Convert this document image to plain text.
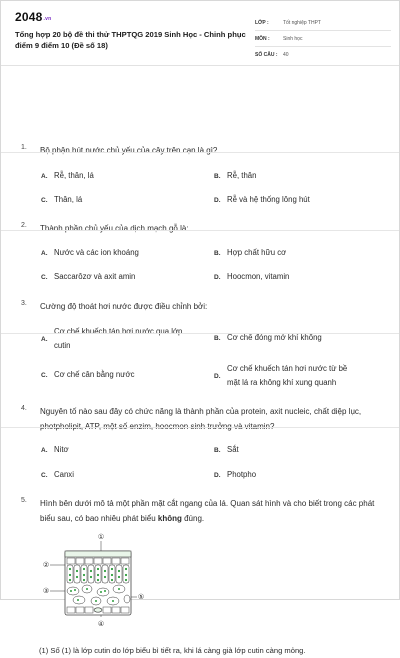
2048.vn
Tổng hợp 20 bộ đề thi thử THPTQG 2019 Sinh Học - Chinh phục điểm 9 điểm 10 (Đề số 18)
LỚP :	Tốt nghiệp THPT
MÔN :	Sinh học
SỐ CÂU :	40
1.	Bộ phận hút nước chủ yếu của cây trên cạn là gì?
A. Rễ, thân, lá	B. Rễ, thân
C. Thân, lá	D. Rễ và hệ thống lông hút
2.	Thành phần chủ yếu của dịch mạch gỗ là:
A. Nước và các ion khoáng	B. Hợp chất hữu cơ
C. Saccarôzơ và axit amin	D. Hoocmon, vitamin
3.	Cường độ thoát hơi nước được điều chỉnh bởi:
A.
Cơ chế khuếch tán hơi nước qua lớp
cutin
B. Cơ chế đóng mở khí khổng
C. Cơ chế cân bằng nước	D.
Cơ chế khuếch tán hơi nước từ bề
mặt lá ra không khí xung quanh
4.	Nguyên tố nào sau đây có chức năng là thành phần của protein, axit nucleic, chất diệp lục, photpholipit, ATP, một số enzim, hoocmon sinh trưởng và vitamin?
A. Nitơ	B. Sắt
C. Canxi	D. Photpho
5.	Hình bên dưới mô tả một phần mặt cắt ngang của lá. Quan sát hình và cho biết trong các phát biểu sau, có bao nhiêu phát biểu không đúng.
①
②
③
④
⑤
(1) Số (1) là lớp cutin do lớp biểu bì tiết ra, khi lá càng già lớp cutin càng mỏng.
